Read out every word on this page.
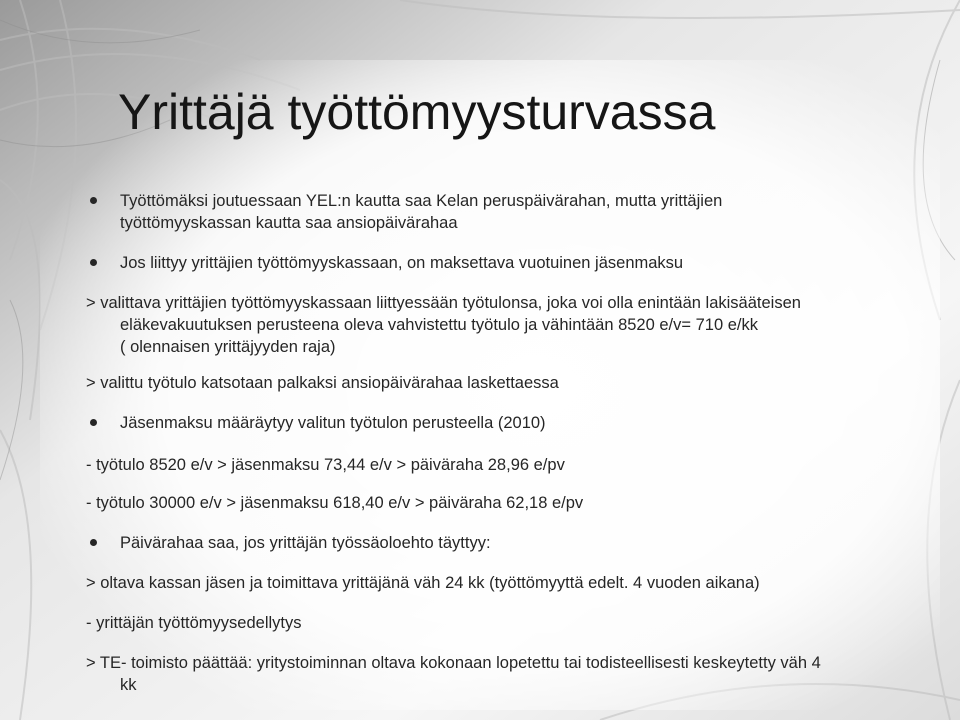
Yrittäjä työttömyysturvassa
Työttömäksi joutuessaan YEL:n kautta saa Kelan peruspäivärahan, mutta yrittäjien
työttömyyskassan kautta saa ansiopäivärahaa
Jos liittyy yrittäjien työttömyyskassaan, on maksettava vuotuinen jäsenmaksu
> valittava yrittäjien työttömyyskassaan liittyessään työtulonsa, joka voi olla enintään lakisääteisen
eläkevakuutuksen perusteena oleva vahvistettu työtulo ja vähintään 8520 e/v= 710 e/kk
( olennaisen yrittäjyyden raja)
> valittu työtulo katsotaan palkaksi ansiopäivärahaa laskettaessa
Jäsenmaksu määräytyy valitun työtulon perusteella (2010)
- työtulo 8520 e/v > jäsenmaksu 73,44 e/v > päiväraha 28,96 e/pv
- työtulo 30000 e/v > jäsenmaksu 618,40 e/v > päiväraha 62,18 e/pv
Päivärahaa saa, jos yrittäjän työssäoloehto täyttyy:
> oltava kassan jäsen ja toimittava yrittäjänä väh 24 kk (työttömyyttä edelt. 4 vuoden aikana)
- yrittäjän työttömyysedellytys
> TE- toimisto päättää: yritystoiminnan oltava kokonaan lopetettu tai todisteellisesti keskeytetty väh 4
kk
